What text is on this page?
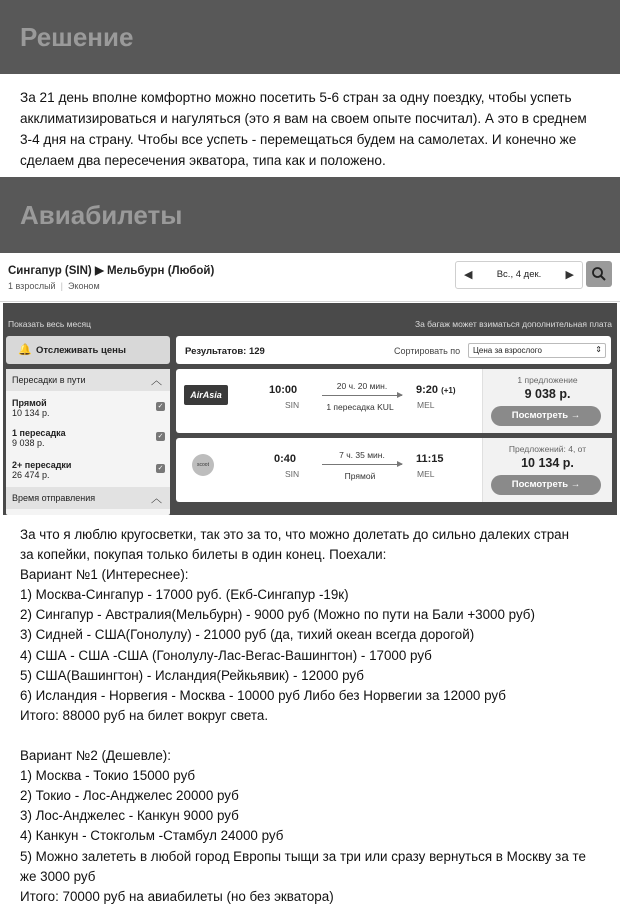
Решение
За 21 день вполне комфортно можно посетить 5-6 стран за одну поездку, чтобы успеть акклиматизироваться и нагуляться (это я вам на своем опыте посчитал). А это в среднем 3-4 дня на страну. Чтобы все успеть - перемещаться будем на самолетах. И конечно же сделаем два пересечения экватора, типа как и положено.
Авиабилеты
Сингапур (SIN) ▶ Мельбурн (Любой)
1 взрослый  |  Эконом
◀	Вс., 4 дек.	▶
Показать весь месяц	За багаж может взиматься дополнительная плата
🔔 Отслеживать цены
Пересадки в пути	︿
Прямой
10 134 р.
✓
1 пересадка
9 038 р.
✓
2+ пересадки
26 474 р.
✓
Время отправления	︿
Результатов: 129	Сортировать по Цена за взрослого	⇕
AirAsia	10:00
SIN
20 ч. 20 мин.
1 пересадка KUL
9:20 (+1)
MEL
1 предложение
9 038 р.
Посмотреть →
scoot	0:40
SIN
7 ч. 35 мин.
Прямой
11:15
MEL
Предложений: 4, от
10 134 р.
Посмотреть →
За что я люблю кругосветки, так это за то, что можно долетать до сильно далеких стран
за копейки, покупая только билеты в один конец. Поехали:
Вариант №1 (Интереснее):
1) Москва-Сингапур - 17000 руб. (Екб-Сингапур -19к)
2) Сингапур - Австралия(Мельбурн) - 9000 руб (Можно по пути на Бали +3000 руб)
3) Сидней - США(Гонолулу) - 21000 руб (да, тихий океан всегда дорогой)
4) США - США -США (Гонолулу-Лас-Вегас-Вашингтон) - 17000 руб
5) США(Вашингтон) - Исландия(Рейкьявик) - 12000 руб
6) Исландия - Норвегия - Москва - 10000 руб Либо без Норвегии за 12000 руб
Итого: 88000 руб на билет вокруг света.
Вариант №2 (Дешевле):
1) Москва - Токио 15000 руб
2) Токио - Лос-Анджелес 20000 руб
3) Лос-Анджелес - Канкун 9000 руб
4) Канкун - Стокгольм -Стамбул 24000 руб
5) Можно залететь в любой город Европы тыщи за три или сразу вернуться в Москву за те
же 3000 руб
Итого: 70000 руб на авиабилеты (но без экватора)
